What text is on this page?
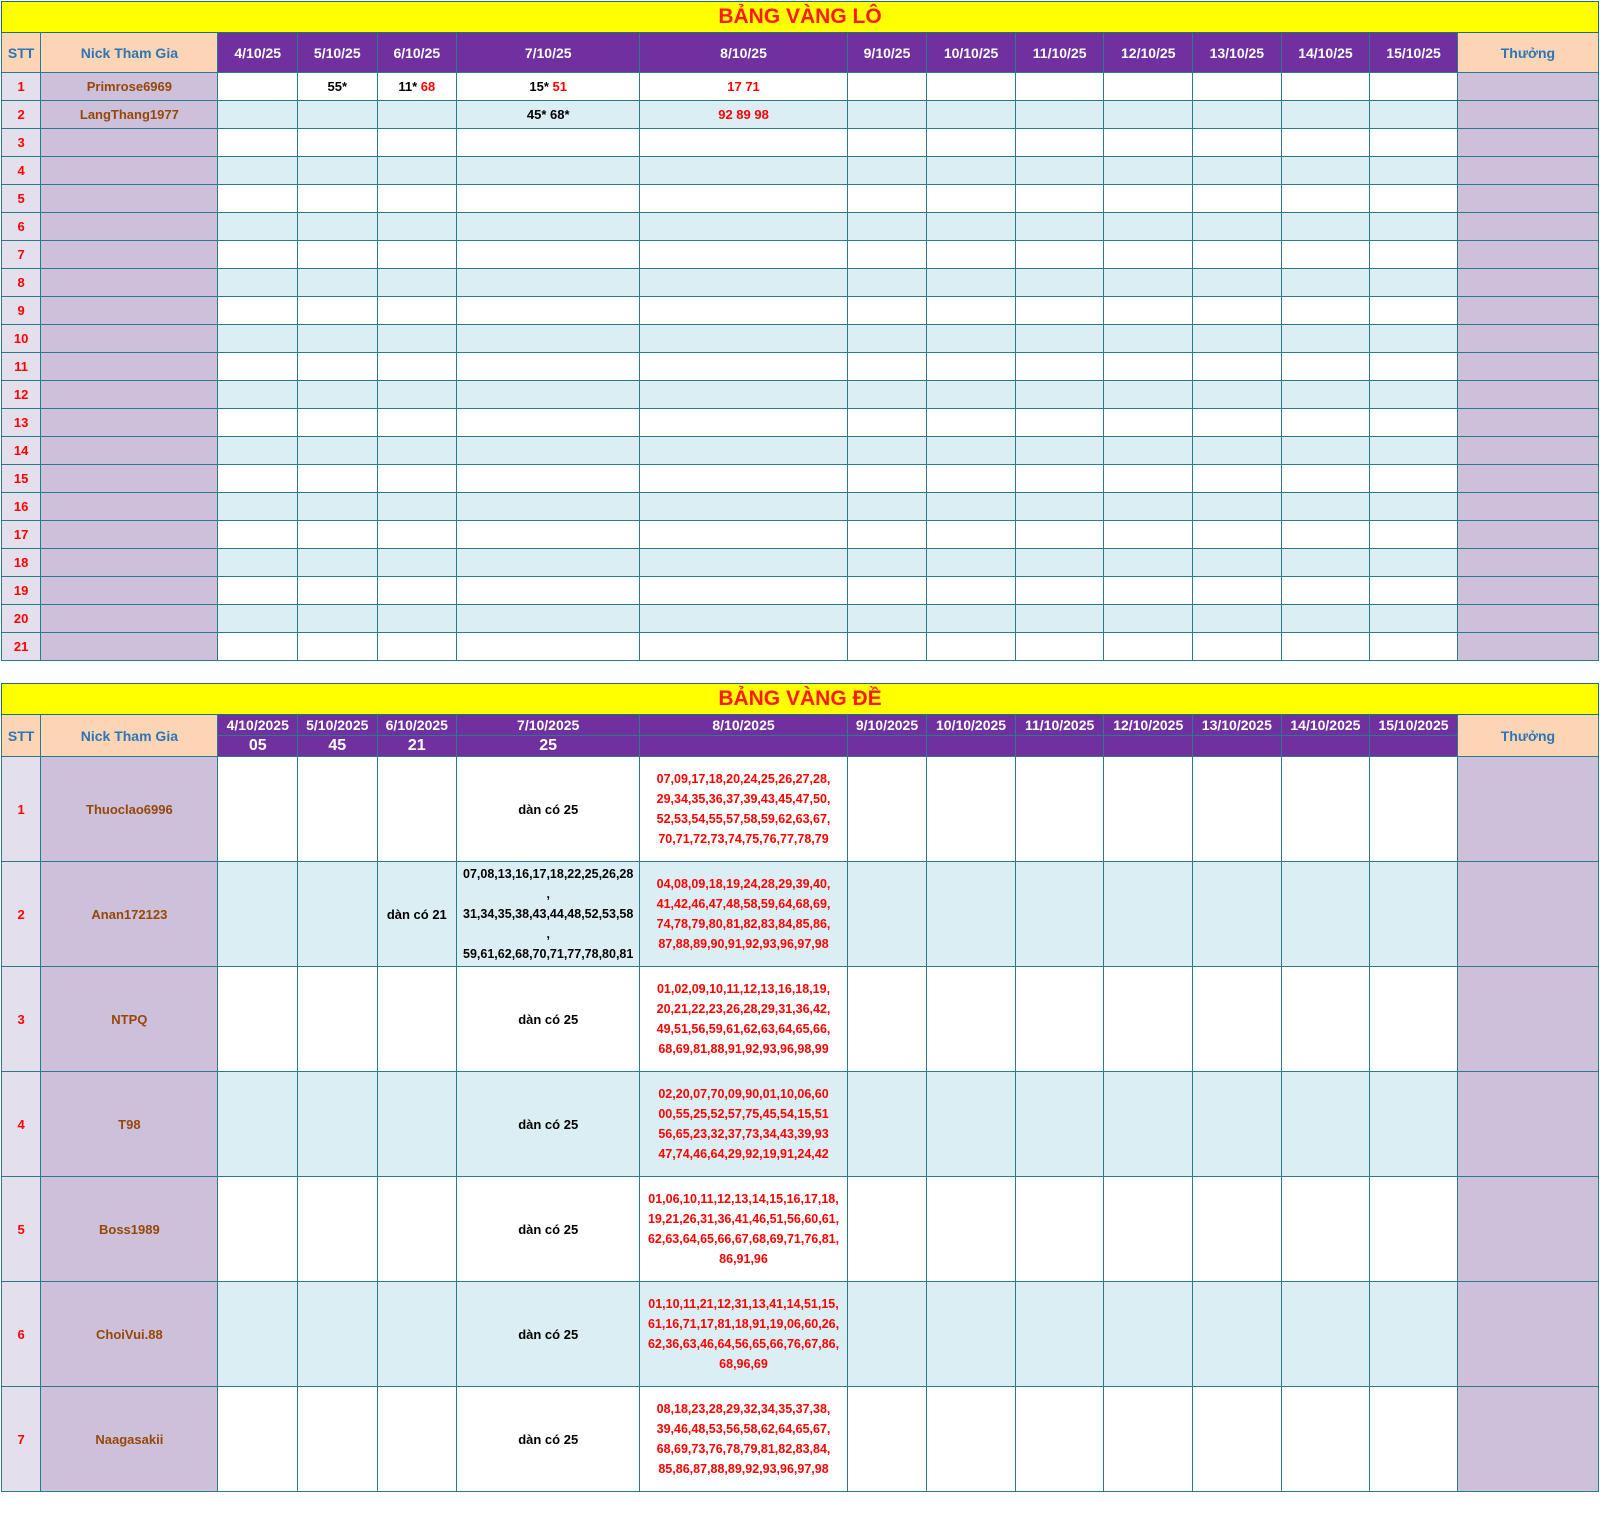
BẢNG VÀNG LÔ														
STT	Nick Tham Gia	4/10/25	5/10/25	6/10/25	7/10/25	8/10/25	9/10/25	10/10/25	11/10/25	12/10/25	13/10/25	14/10/25	15/10/25	Thưởng
1	Primrose6969		55*	11* 68	15* 51	17 71								
2	LangThang1977				45* 68*	92 89 98								
3														
4														
5														
6														
7														
8														
9														
10														
11														
12														
13														
14														
15														
16														
17														
18														
19														
20														
21														
BẢNG VÀNG ĐỀ														
STT	Nick Tham Gia	4/10/2025	5/10/2025	6/10/2025	7/10/2025	8/10/2025	9/10/2025	10/10/2025	11/10/2025	12/10/2025	13/10/2025	14/10/2025	15/10/2025	Thưởng
		05	45	21	25									
1	Thuoclao6996				dàn có 25	07,09,17,18,20,24,25,26,27,28,
29,34,35,36,37,39,43,45,47,50,
52,53,54,55,57,58,59,62,63,67,
70,71,72,73,74,75,76,77,78,79								
2	Anan172123			dàn có 21	07,08,13,16,17,18,22,25,26,28
,
31,34,35,38,43,44,48,52,53,58
,
59,61,62,68,70,71,77,78,80,81	04,08,09,18,19,24,28,29,39,40,
41,42,46,47,48,58,59,64,68,69,
74,78,79,80,81,82,83,84,85,86,
87,88,89,90,91,92,93,96,97,98								
3	NTPQ				dàn có 25	01,02,09,10,11,12,13,16,18,19,
20,21,22,23,26,28,29,31,36,42,
49,51,56,59,61,62,63,64,65,66,
68,69,81,88,91,92,93,96,98,99								
4	T98				dàn có 25	02,20,07,70,09,90,01,10,06,60
00,55,25,52,57,75,45,54,15,51
56,65,23,32,37,73,34,43,39,93
47,74,46,64,29,92,19,91,24,42								
5	Boss1989				dàn có 25	01,06,10,11,12,13,14,15,16,17,18,
19,21,26,31,36,41,46,51,56,60,61,
62,63,64,65,66,67,68,69,71,76,81,
86,91,96								
6	ChoiVui.88				dàn có 25	01,10,11,21,12,31,13,41,14,51,15,
61,16,71,17,81,18,91,19,06,60,26,
62,36,63,46,64,56,65,66,76,67,86,
68,96,69								
7	Naagasakii				dàn có 25	08,18,23,28,29,32,34,35,37,38,
39,46,48,53,56,58,62,64,65,67,
68,69,73,76,78,79,81,82,83,84,
85,86,87,88,89,92,93,96,97,98								
